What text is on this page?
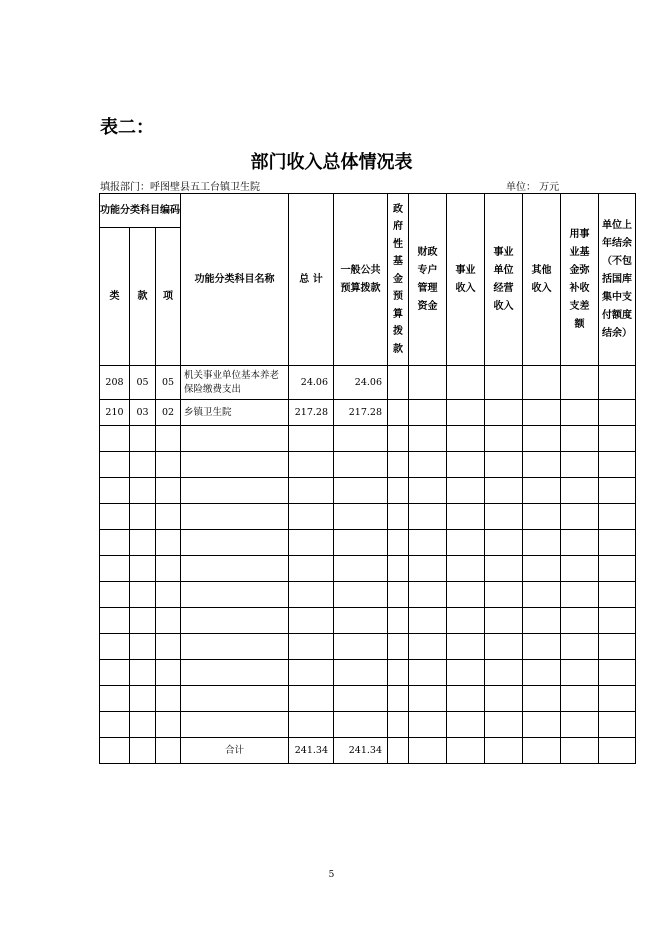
表二：
部门收入总体情况表
填报部门：呼图壁县五工台镇卫生院	单位： 万元
功能分类科目编码			功能分类科目名称	总 计	一般公共预算拨款	政府性基金预算拨款	财政专户管理资金	事业收入	事业单位经营收入	其他收入	用事业基金弥补收支差额	单位上年结余（不包括国库集中支付额度结余）
类	款	项										
208	05	05	机关事业单位基本养老保险缴费支出	24.06	24.06							
210	03	02	乡镇卫生院	217.28	217.28							

			合计	241.34	241.34							
5
